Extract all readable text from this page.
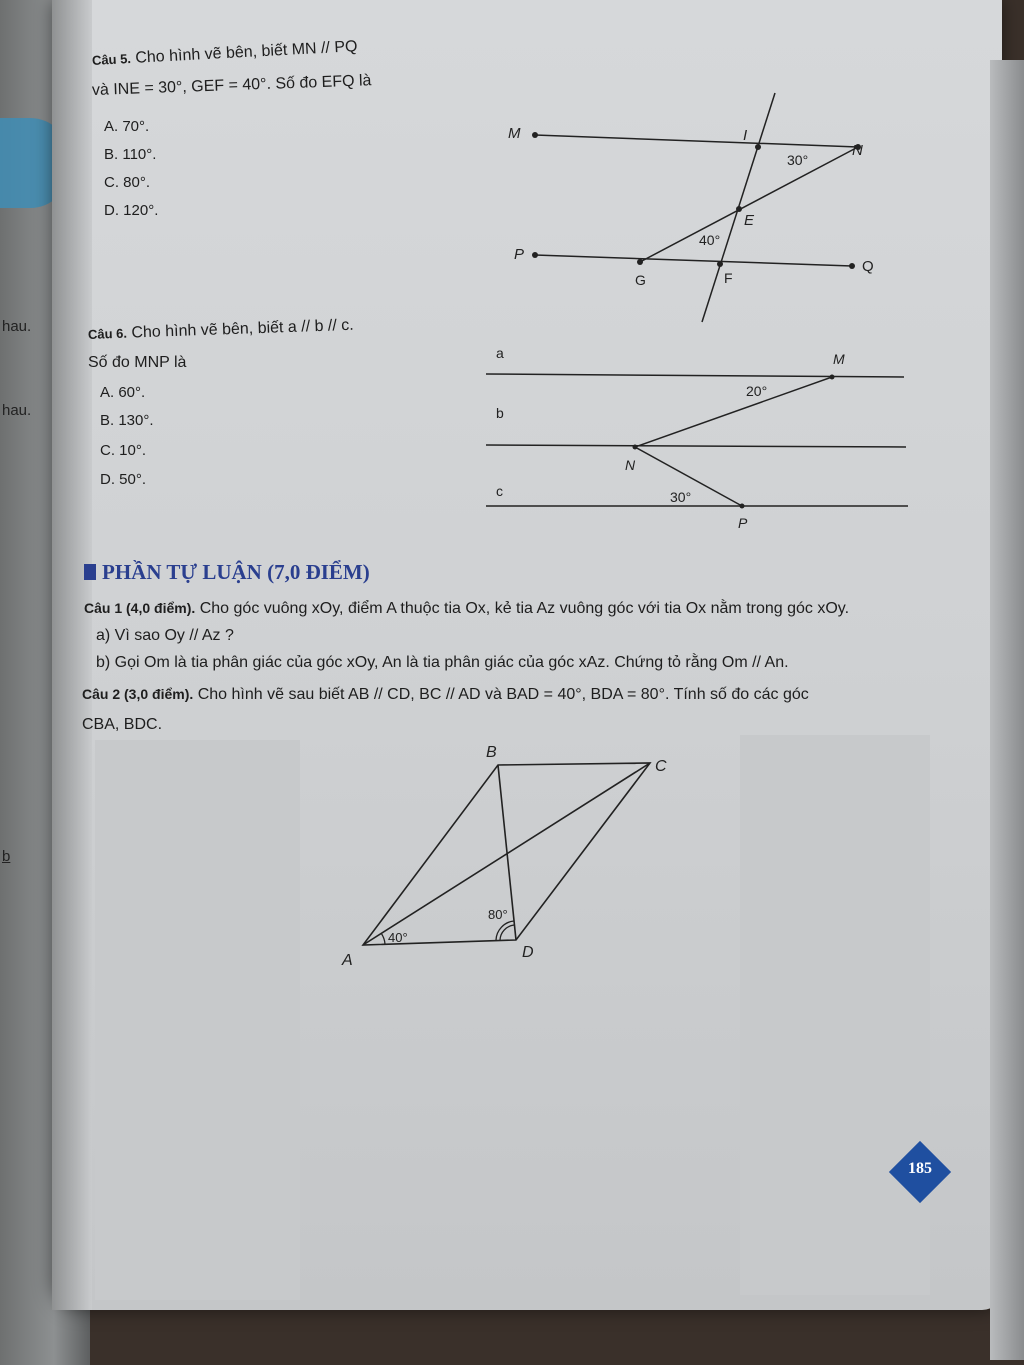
hau.
hau.
b
Câu 5. Cho hình vẽ bên, biết MN // PQ
và INE = 30°, GEF = 40°. Số đo EFQ là
A. 70°.
B. 110°.
C. 80°.
D. 120°.
M	I
N
E
P
G	F
Q
30°
40°
Câu 6. Cho hình vẽ bên, biết a // b // c.
Số đo MNP là
A. 60°.
B. 130°.
C. 10°.
D. 50°.
a
b
c
M
N
P
20°
30°
PHẦN TỰ LUẬN (7,0 ĐIỂM)
Câu 1 (4,0 điểm). Cho góc vuông xOy, điểm A thuộc tia Ox, kẻ tia Az vuông góc với tia Ox nằm trong góc xOy.
a) Vì sao Oy // Az ?
b) Gọi Om là tia phân giác của góc xOy, An là tia phân giác của góc xAz. Chứng tỏ rằng Om // An.
Câu 2 (3,0 điểm). Cho hình vẽ sau biết AB // CD, BC // AD và BAD = 40°, BDA = 80°. Tính số đo các góc
CBA, BDC.
B
C
A	D
40°
80°
185
